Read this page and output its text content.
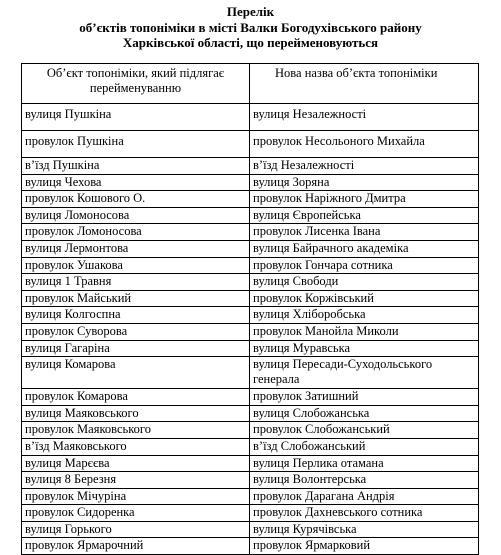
Перелік
об’єктів топоніміки в місті Валки Богодухівського району
Харківської області, що перейменовуються
Об’єкт топоніміки, який підлягає перейменуванню	Нова назва об’єкта топоніміки
вулиця Пушкіна	вулиця Незалежності
провулок Пушкіна	провулок Несольоного Михайла
в’їзд Пушкіна	в’їзд Незалежності
вулиця Чехова	вулиця Зоряна
провулок Кошового О.	провулок Нарiжного Дмитра
вулиця Ломоносова	вулиця Європейська
провулок Ломоносова	провулок Лисенка Івана
вулиця Лермонтова	вулиця Байрачного академіка
провулок Ушакова	провулок Гончара сотника
вулиця 1 Травня	вулиця Свободи
провулок Майський	провулок Коржівський
вулиця Колгоспна	вулиця Хліборобська
провулок Суворова	провулок Манойла Миколи
вулиця Гагаріна	вулиця Муравська
вулиця Комарова	вулиця Пересади-Суходольського генерала
провулок Комарова	провулок Затишний
вулиця Маяковського	вулиця Слобожанська
провулок Маяковського	провулок Слобожанський
в’їзд Маяковського	в’їзд Слобожанський
вулиця Марєєва	вулиця Перлика отамана
вулиця 8 Березня	вулиця Волонтерська
провулок Мічуріна	провулок Дарагана Андрія
провулок Сидоренка	провулок Дахневського сотника
вулиця Горького	вулиця Курячівська
провулок Ярмарочний	провулок Ярмарковий
